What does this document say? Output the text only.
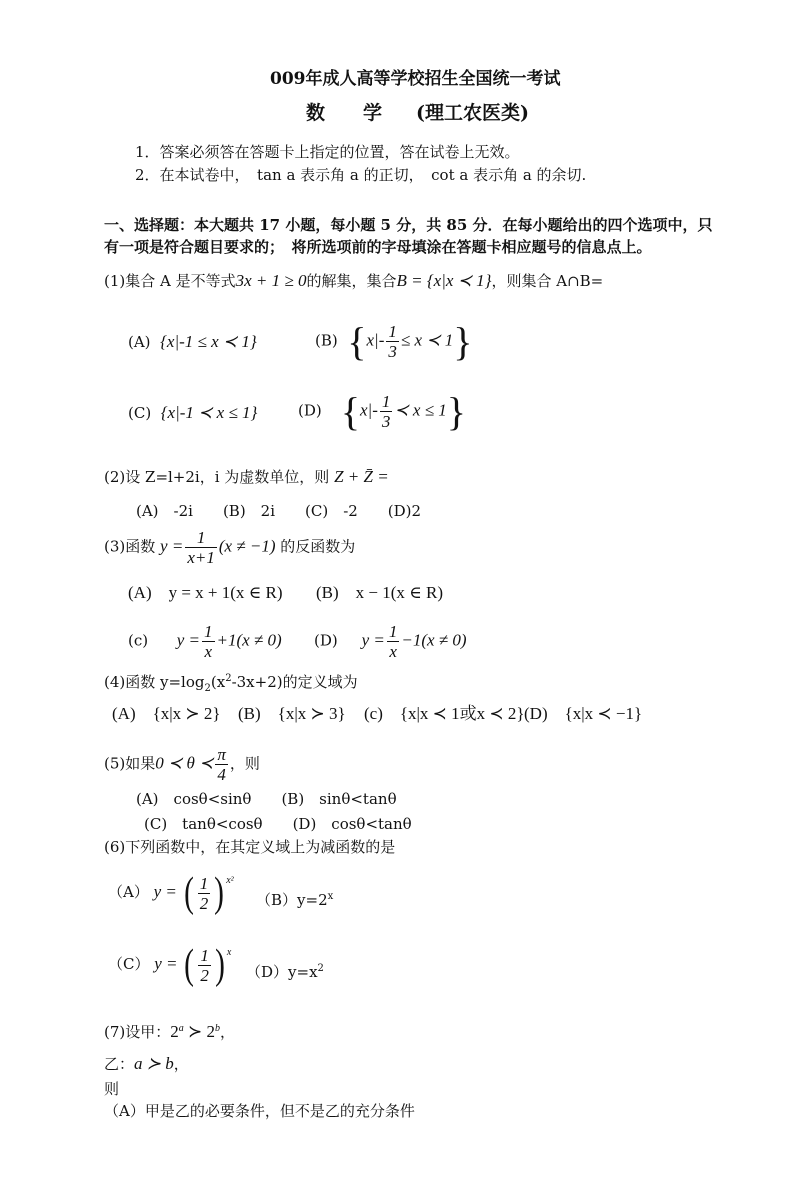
009年成人高等学校招生全国统一考试
数　　学 (理工农医类)
1．答案必须答在答题卡上指定的位置，答在试卷上无效。
2．在本试卷中，　tan a 表示角 a 的正切，　cot a 表示角 a 的余切.
一、选择题：本大题共 17 小题，每小题 5 分，共 85 分．在每小题给出的四个选项中，只
有一项是符合题目要求的；　将所选项前的字母填涂在答题卡相应题号的信息点上。
(1)集合 A 是不等式3x + 1 ≥ 0的解集，集合B = {x|x ≺ 1}，则集合 A∩B=
(A) {x|-1 ≤ x ≺ 1}	(B) {$x|- \frac{1}{3} \le x$ ≺ 1}
(C) {x|-1 ≺ x ≤ 1}	(D) {$x|- \frac{1}{3}$ ≺ x ≤ 1}
(2)设 Z=l+2i，i 为虚数单位，则 Z + Z̄ =
(A)　-2i　　(B)　2i　　(C)　-2　　(D)2
(3)函数 $y = \frac{1}{x+1} (x \ne -1)$ 的反函数为
(A)　y = x + 1(x ∈ R) (B)　x − 1(x ∈ R)
(c) $y = \frac{1}{x} +1(x \ne 0)$ (D) $y = \frac{1}{x} -1(x \ne 0)$
(4)函数 $y=\log_2(x^2-3x+2)$的定义域为
(A)　{x|x ≻ 2} (B)　{x|x ≻ 3} (c)　{x|x ≺ 1或x ≺ 2} (D)　{x|x ≺ −1}
(5)如果0 ≺ θ ≺ $\frac{\pi}{4}$ ，则
(A)　cosθ<sinθ　　(B)　sinθ<tanθ
(C)　tanθ<cosθ　　(D)　cosθ<tanθ
(6)下列函数中，在其定义域上为减函数的是
（A） y = ( $\frac{1}{2}$ ) $^{x^2}$
$(B)y=2^x$
（C） y = ( $\frac{1}{2}$ ) $^x$
$(D)y=x^2$
(7)设甲：2$^a$ ≻ 2$^b$，
乙：a ≻ b，
则
（A）甲是乙的必要条件，但不是乙的充分条件
